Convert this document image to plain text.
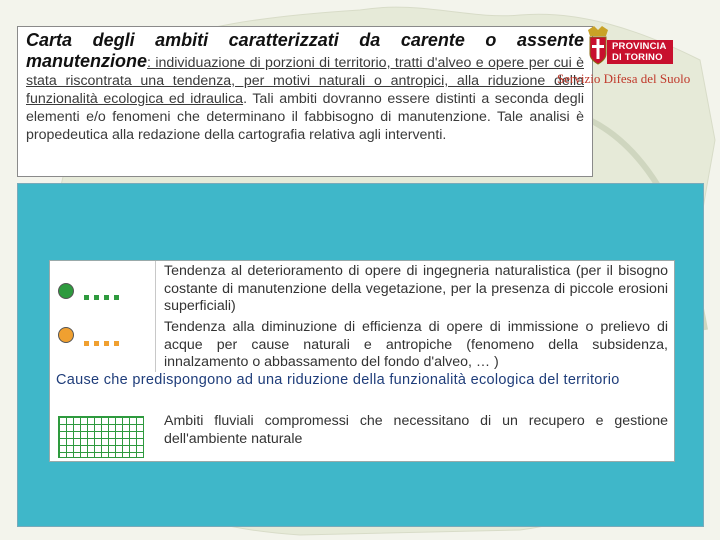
Carta degli ambiti caratterizzati da carente o assente manutenzione: individuazione di porzioni di territorio, tratti d'alveo e opere per cui è stata riscontrata una tendenza, per motivi naturali o antropici, alla riduzione della funzionalità ecologica ed idraulica. Tali ambiti dovranno essere distinti a seconda degli elementi e/o fenomeni che determinano il fabbisogno di manutenzione. Tale analisi è propedeutica alla redazione della cartografia relativa agli interventi.
PROVINCIA
DI TORINO
Servizio Difesa del Suolo
Tendenza al deterioramento di opere di ingegneria naturalistica (per il bisogno costante di manutenzione della vegetazione, per la presenza di piccole erosioni superficiali)
Tendenza alla diminuzione di efficienza di opere di immissione o prelievo di acque per cause naturali e antropiche (fenomeno della subsidenza, innalzamento o abbassamento del fondo d'alveo, … )
Cause che predispongono ad una riduzione della funzionalità ecologica del territorio
Ambiti fluviali compromessi che necessitano di un recupero e gestione dell'ambiente naturale
